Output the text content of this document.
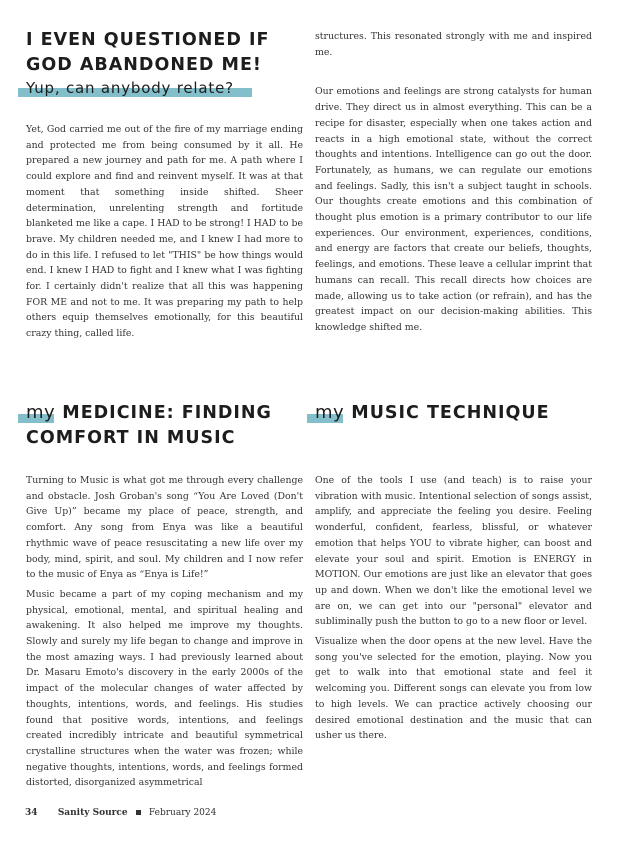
I EVEN QUESTIONED IF
GOD ABANDONED ME!
Yup, can anybody relate?

Yet, God carried me out of the fire of my marriage ending and protected me from being consumed by it all. He prepared a new journey and path for me. A path where I could explore and find and reinvent myself. It was at that moment that something inside shifted. Sheer determination, unrelenting strength and fortitude blanketed me like a cape. I HAD to be strong! I HAD to be brave. My children needed me, and I knew I had more to do in this life. I refused to let "THIS" be how things would end. I knew I HAD to fight and I knew what I was fighting for. I certainly didn't realize that all this was happening FOR ME and not to me. It was preparing my path to help others equip themselves emotionally, for this beautiful crazy thing, called life.

structures. This resonated strongly with me and inspired me.

Our emotions and feelings are strong catalysts for human drive. They direct us in almost everything. This can be a recipe for disaster, especially when one takes action and reacts in a high emotional state, without the correct thoughts and intentions. Intelligence can go out the door. Fortunately, as humans, we can regulate our emotions and feelings. Sadly, this isn't a subject taught in schools. Our thoughts create emotions and this combination of thought plus emotion is a primary contributor to our life experiences. Our environment, experiences, conditions, and energy are factors that create our beliefs, thoughts, feelings, and emotions. These leave a cellular imprint that humans can recall. This recall directs how choices are made, allowing us to take action (or refrain), and has the greatest impact on our decision-making abilities. This knowledge shifted me.

my MEDICINE: FINDING
COMFORT IN MUSIC

Turning to Music is what got me through every challenge and obstacle. Josh Groban's song “You Are Loved (Don't Give Up)” became my place of peace, strength, and comfort. Any song from Enya was like a beautiful rhythmic wave of peace resuscitating a new life over my body, mind, spirit, and soul. My children and I now refer to the music of Enya as “Enya is Life!”

Music became a part of my coping mechanism and my physical, emotional, mental, and spiritual healing and awakening. It also helped me improve my thoughts. Slowly and surely my life began to change and improve in the most amazing ways. I had previously learned about Dr. Masaru Emoto's discovery in the early 2000s of the impact of the molecular changes of water affected by thoughts, intentions, words, and feelings. His studies found that positive words, intentions, and feelings created incredibly intricate and beautiful symmetrical crystalline structures when the water was frozen; while negative thoughts, intentions, words, and feelings formed distorted, disorganized asymmetrical

my MUSIC TECHNIQUE

One of the tools I use (and teach) is to raise your vibration with music. Intentional selection of songs assist, amplify, and appreciate the feeling you desire. Feeling wonderful, confident, fearless, blissful, or whatever emotion that helps YOU to vibrate higher, can boost and elevate your soul and spirit. Emotion is ENERGY in MOTION. Our emotions are just like an elevator that goes up and down. When we don't like the emotional level we are on, we can get into our "personal" elevator and subliminally push the button to go to a new floor or level.

Visualize when the door opens at the new level. Have the song you've selected for the emotion, playing. Now you get to walk into that emotional state and feel it welcoming you. Different songs can elevate you from low to high levels. We can practice actively choosing our desired emotional destination and the music that can usher us there.

34 Sanity Source February 2024
